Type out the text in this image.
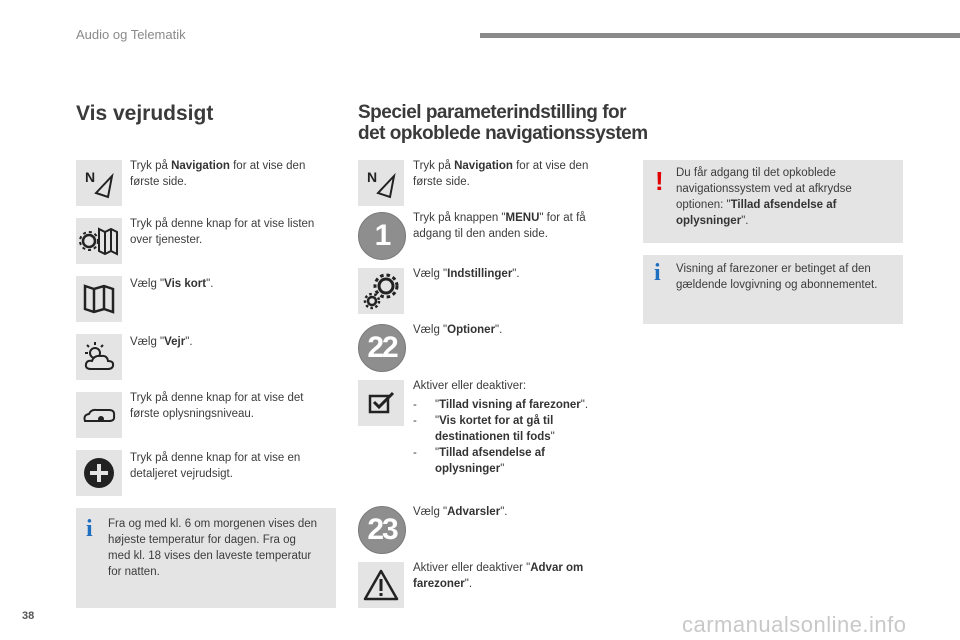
Audio og Telematik
Vis vejrudsigt
N
Tryk på Navigation for at vise den første side.
Tryk på denne knap for at vise listen over tjenester.
Vælg "Vis kort".
Vælg "Vejr".
Tryk på denne knap for at vise det første oplysningsniveau.
Tryk på denne knap for at vise en detaljeret vejrudsigt.
i Fra og med kl. 6 om morgenen vises den højeste temperatur for dagen. Fra og med kl. 18 vises den laveste temperatur for natten.
Speciel parameterindstilling for
det opkoblede navigationssystem
N
Tryk på Navigation for at vise den første side.
1
Tryk på knappen "MENU" for at få adgang til den anden side.
Vælg "Indstillinger".
22
Vælg "Optioner".
Aktiver eller deaktiver:
-	"Tillad visning af farezoner".
-	"Vis kortet for at gå til destinationen til fods"
-	"Tillad afsendelse af oplysninger"
23
Vælg "Advarsler".
Aktiver eller deaktiver "Advar om farezoner".
! Du får adgang til det opkoblede navigationssystem ved at afkrydse optionen: "Tillad afsendelse af oplysninger".
i Visning af farezoner er betinget af den gældende lovgivning og abonnementet.
38	carmanualsonline.info
